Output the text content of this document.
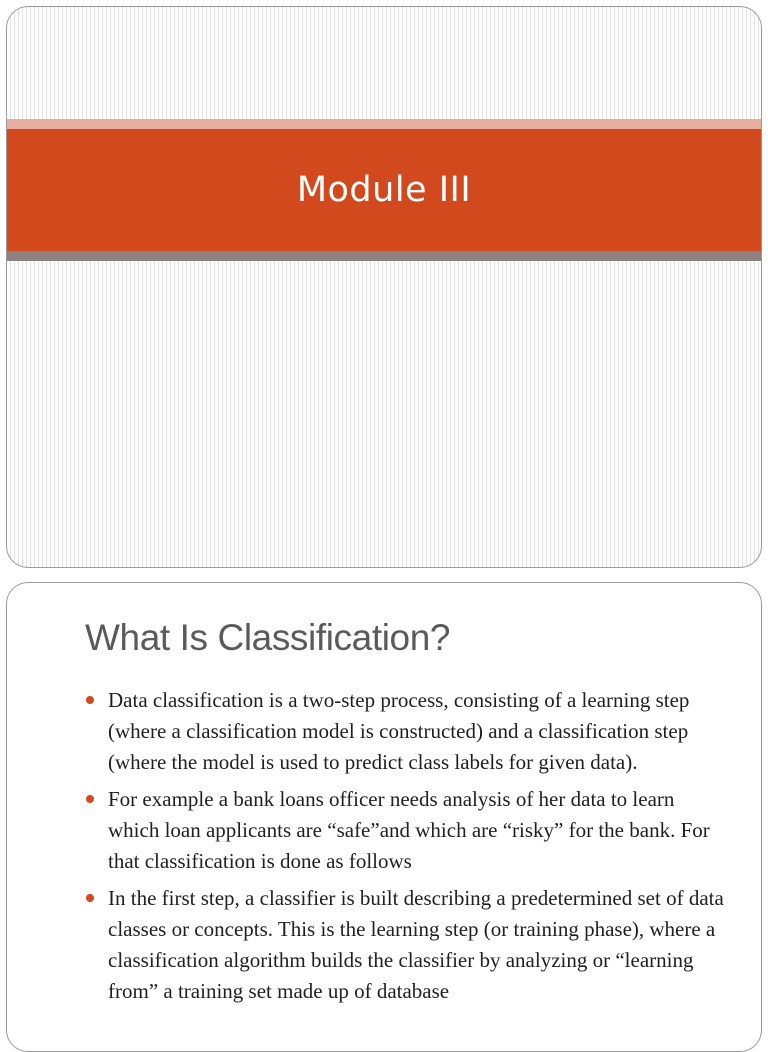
Module III
What Is Classification?
Data classification is a two-step process, consisting of a learning step (where a classification model is constructed) and a classification step (where the model is used to predict class labels for given data).
For example a bank loans officer needs analysis of her data to learn which loan applicants are “safe”and which are “risky” for the bank. For that classification is done as follows
In the first step, a classifier is built describing a predetermined set of data classes or concepts. This is the learning step (or training phase), where a classification algorithm builds the classifier by analyzing or “learning from” a training set made up of database
